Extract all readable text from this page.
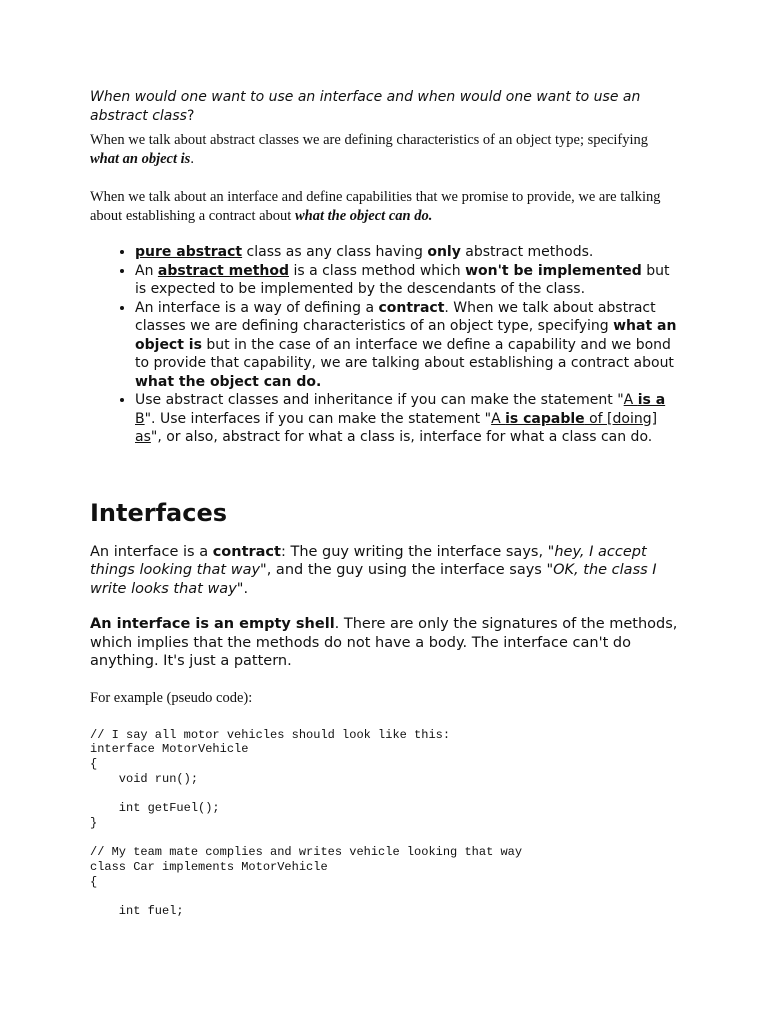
When would one want to use an interface and when would one want to use an abstract class?

When we talk about abstract classes we are defining characteristics of an object type; specifying what an object is.

When we talk about an interface and define capabilities that we promise to provide, we are talking about establishing a contract about what the object can do.

• pure abstract class as any class having only abstract methods.
• An abstract method is a class method which won't be implemented but is expected to be implemented by the descendants of the class.
• An interface is a way of defining a contract. When we talk about abstract classes we are defining characteristics of an object type, specifying what an object is but in the case of an interface we define a capability and we bond to provide that capability, we are talking about establishing a contract about what the object can do.
• Use abstract classes and inheritance if you can make the statement "A is a B". Use interfaces if you can make the statement "A is capable of [doing] as", or also, abstract for what a class is, interface for what a class can do.
Interfaces

An interface is a contract: The guy writing the interface says, "hey, I accept things looking that way", and the guy using the interface says "OK, the class I write looks that way".

An interface is an empty shell. There are only the signatures of the methods, which implies that the methods do not have a body. The interface can't do anything. It's just a pattern.

For example (pseudo code):

// I say all motor vehicles should look like this:
interface MotorVehicle
{
void run();

int getFuel();
}

// My team mate complies and writes vehicle looking that way
class Car implements MotorVehicle
{

int fuel;
